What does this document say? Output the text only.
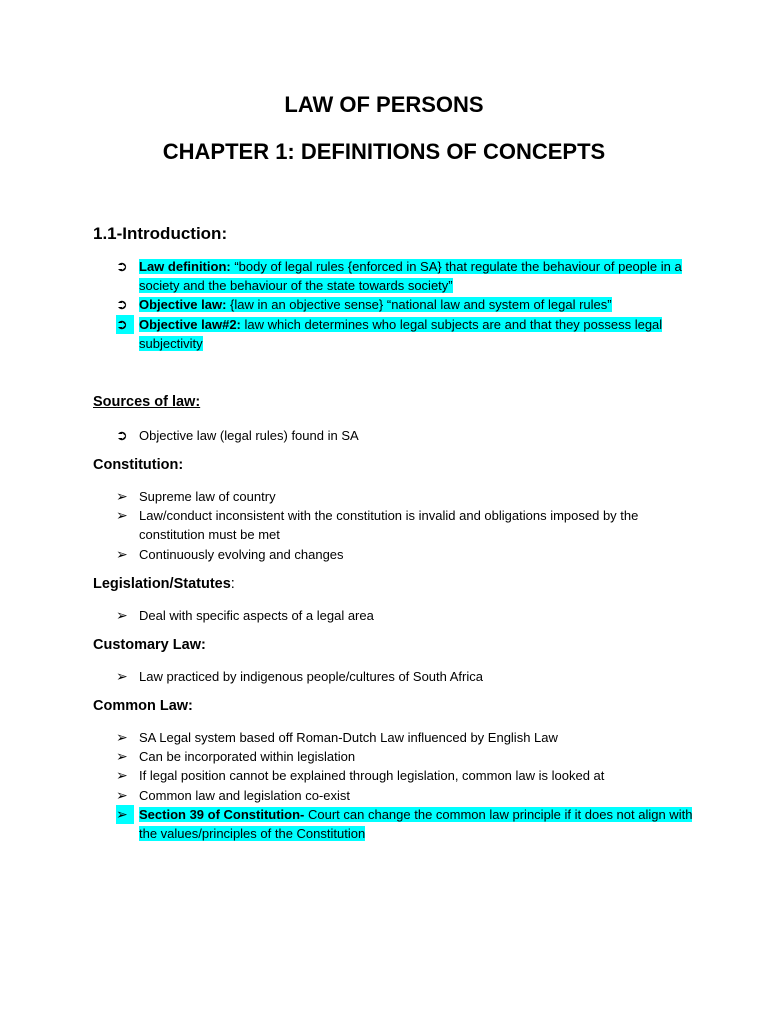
LAW OF PERSONS
CHAPTER 1: DEFINITIONS OF CONCEPTS
1.1-Introduction:
➲ Law definition: “body of legal rules {enforced in SA} that regulate the behaviour of people in a society and the behaviour of the state towards society”
➲ Objective law: {law in an objective sense} “national law and system of legal rules”
➲ Objective law#2: law which determines who legal subjects are and that they possess legal subjectivity
Sources of law:
➲ Objective law (legal rules) found in SA
Constitution:
➢ Supreme law of country
➢ Law/conduct inconsistent with the constitution is invalid and obligations imposed by the constitution must be met
➢ Continuously evolving and changes
Legislation/Statutes:
➢ Deal with specific aspects of a legal area
Customary Law:
➢ Law practiced by indigenous people/cultures of South Africa
Common Law:
➢ SA Legal system based off Roman-Dutch Law influenced by English Law
➢ Can be incorporated within legislation
➢ If legal position cannot be explained through legislation, common law is looked at
➢ Common law and legislation co-exist
➢ Section 39 of Constitution- Court can change the common law principle if it does not align with the values/principles of the Constitution
